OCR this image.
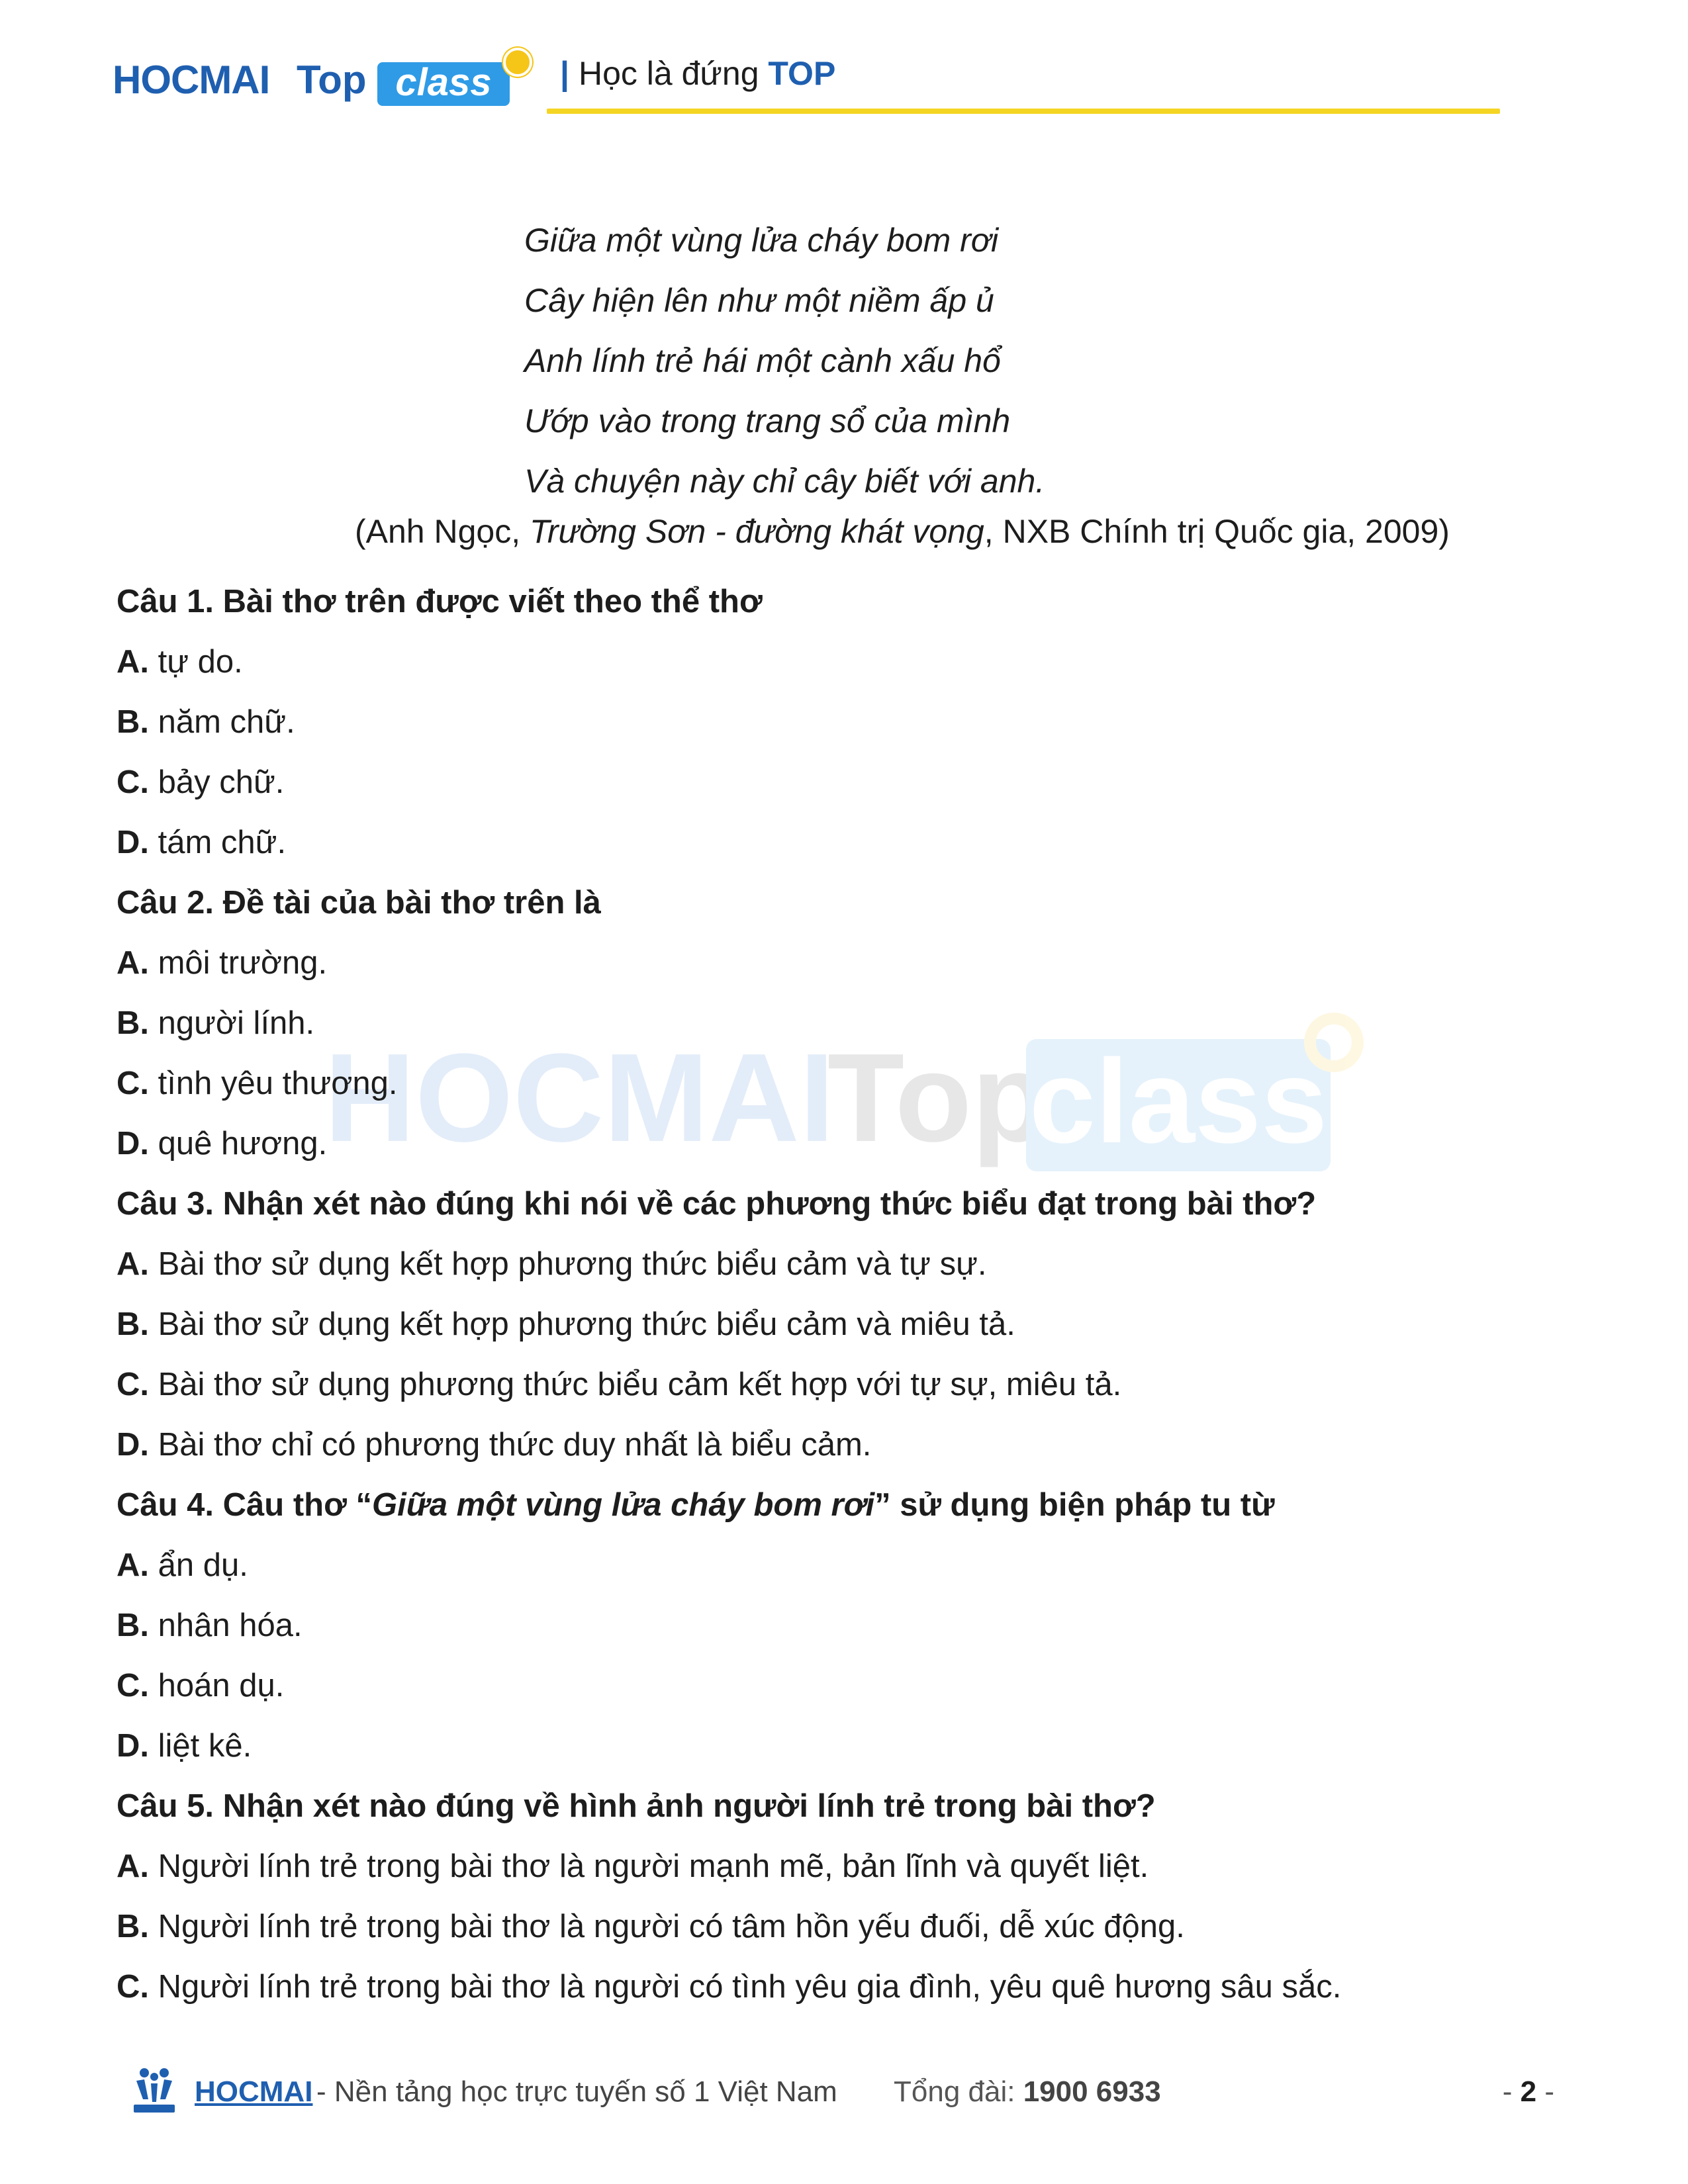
HOCMAI Top class	| Học là đứng TOP
HOCMAI
Top
class
Giữa một vùng lửa cháy bom rơi
Cây hiện lên như một niềm ấp ủ
Anh lính trẻ hái một cành xấu hổ
Ướp vào trong trang sổ của mình
Và chuyện này chỉ cây biết với anh.
(Anh Ngọc, Trường Sơn - đường khát vọng, NXB Chính trị Quốc gia, 2009)
Câu 1. Bài thơ trên được viết theo thể thơ
A. tự do.
B. năm chữ.
C. bảy chữ.
D. tám chữ.
Câu 2. Đề tài của bài thơ trên là
A. môi trường.
B. người lính.
C. tình yêu thương.
D. quê hương.
Câu 3. Nhận xét nào đúng khi nói về các phương thức biểu đạt trong bài thơ?
A. Bài thơ sử dụng kết hợp phương thức biểu cảm và tự sự.
B. Bài thơ sử dụng kết hợp phương thức biểu cảm và miêu tả.
C. Bài thơ sử dụng phương thức biểu cảm kết hợp với tự sự, miêu tả.
D. Bài thơ chỉ có phương thức duy nhất là biểu cảm.
Câu 4. Câu thơ “Giữa một vùng lửa cháy bom rơi” sử dụng biện pháp tu từ
A. ẩn dụ.
B. nhân hóa.
C. hoán dụ.
D. liệt kê.
Câu 5. Nhận xét nào đúng về hình ảnh người lính trẻ trong bài thơ?
A. Người lính trẻ trong bài thơ là người mạnh mẽ, bản lĩnh và quyết liệt.
B. Người lính trẻ trong bài thơ là người có tâm hồn yếu đuối, dễ xúc động.
C. Người lính trẻ trong bài thơ là người có tình yêu gia đình, yêu quê hương sâu sắc.
HOCMAI - Nền tảng học trực tuyến số 1 Việt Nam Tổng đài: 1900 6933	- 2 -
